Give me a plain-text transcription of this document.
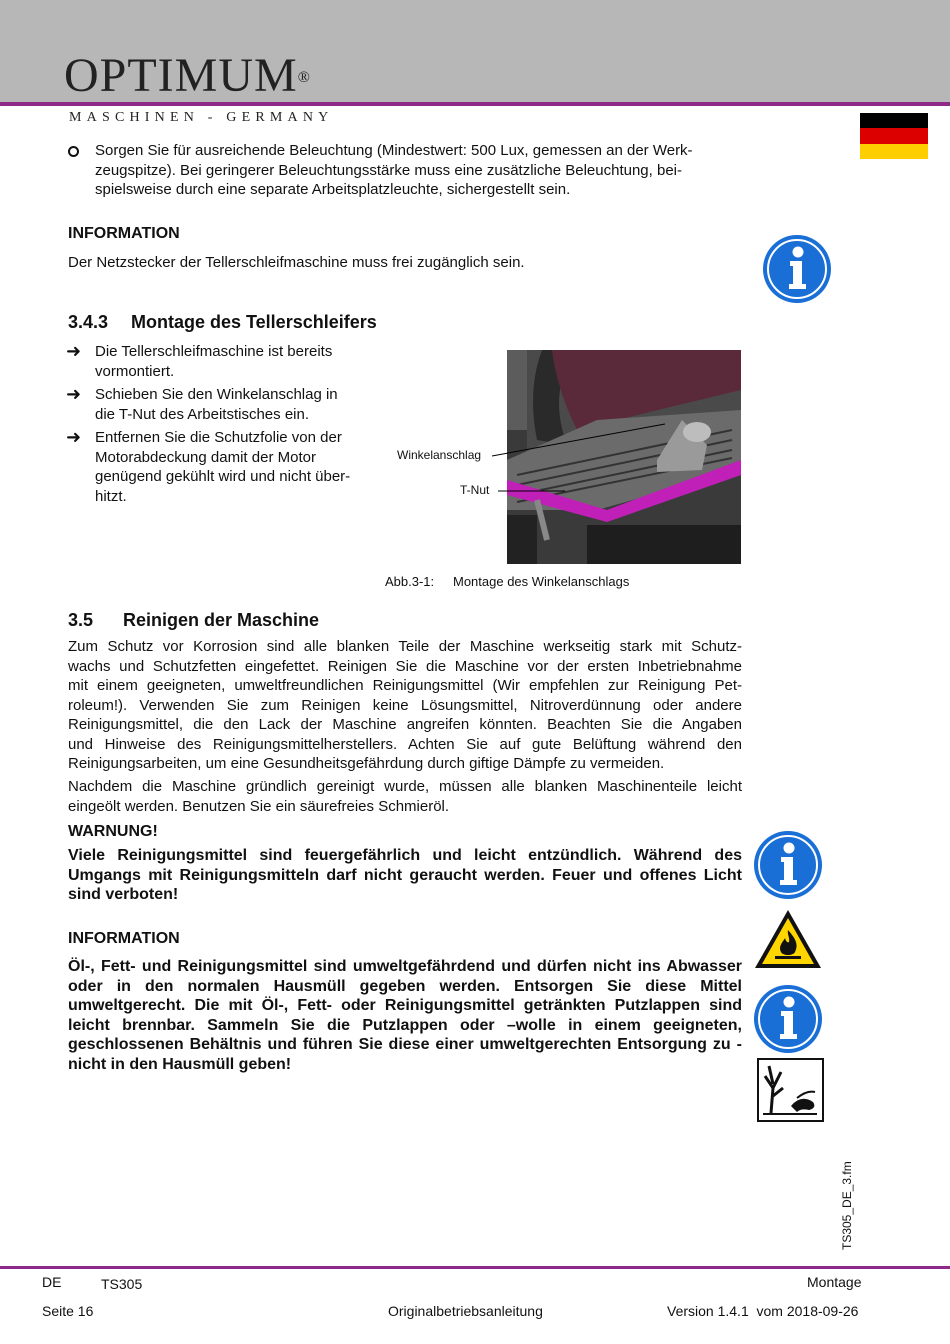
OPTIMUM®
MASCHINEN - GERMANY
Sorgen Sie für ausreichende Beleuchtung (Mindestwert: 500 Lux, gemessen an der Werk-
zeugspitze). Bei geringerer Beleuchtungsstärke muss eine zusätzliche Beleuchtung, bei-
spielsweise durch eine separate Arbeitsplatzleuchte, sichergestellt sein.
INFORMATION
Der Netzstecker der Tellerschleifmaschine muss frei zugänglich sein.
3.4.3 Montage des Tellerschleifers
➜ Die Tellerschleifmaschine ist bereits
vormontiert.
➜ Schieben Sie den Winkelanschlag in
die T-Nut des Arbeitstisches ein.
➜ Entfernen Sie die Schutzfolie von der
Motorabdeckung damit der Motor
genügend gekühlt wird und nicht über-
hitzt.
Winkelanschlag
T-Nut
Abb.3-1: Montage des Winkelanschlags
3.5 Reinigen der Maschine
Zum Schutz vor Korrosion sind alle blanken Teile der Maschine werkseitig stark mit Schutz-
wachs und Schutzfetten eingefettet. Reinigen Sie die Maschine vor der ersten Inbetriebnahme
mit einem geeigneten, umweltfreundlichen Reinigungsmittel (Wir empfehlen zur Reinigung Pet-
roleum!). Verwenden Sie zum Reinigen keine Lösungsmittel, Nitroverdünnung oder andere
Reinigungsmittel, die den Lack der Maschine angreifen könnten. Beachten Sie die Angaben
und Hinweise des Reinigungsmittelherstellers. Achten Sie auf gute Belüftung während den
Reinigungsarbeiten, um eine Gesundheitsgefährdung durch giftige Dämpfe zu vermeiden.
Nachdem die Maschine gründlich gereinigt wurde, müssen alle blanken Maschinenteile leicht
eingeölt werden. Benutzen Sie ein säurefreies Schmieröl.
WARNUNG!
Viele Reinigungsmittel sind feuergefährlich und leicht entzündlich. Während des
Umgangs mit Reinigungsmitteln darf nicht geraucht werden. Feuer und offenes Licht
sind verboten!
INFORMATION
Öl-, Fett- und Reinigungsmittel sind umweltgefährdend und dürfen nicht ins Abwasser
oder in den normalen Hausmüll gegeben werden. Entsorgen Sie diese Mittel
umweltgerecht. Die mit Öl-, Fett- oder Reinigungsmittel getränkten Putzlappen sind
leicht brennbar. Sammeln Sie die Putzlappen oder –wolle in einem geeigneten,
geschlossenen Behältnis und führen Sie diese einer umweltgerechten Entsorgung zu -
nicht in den Hausmüll geben!
TS305_DE_3.fm
DE	TS305	Montage
Seite 16	Originalbetriebsanleitung	Version 1.4.1  vom 2018-09-26
